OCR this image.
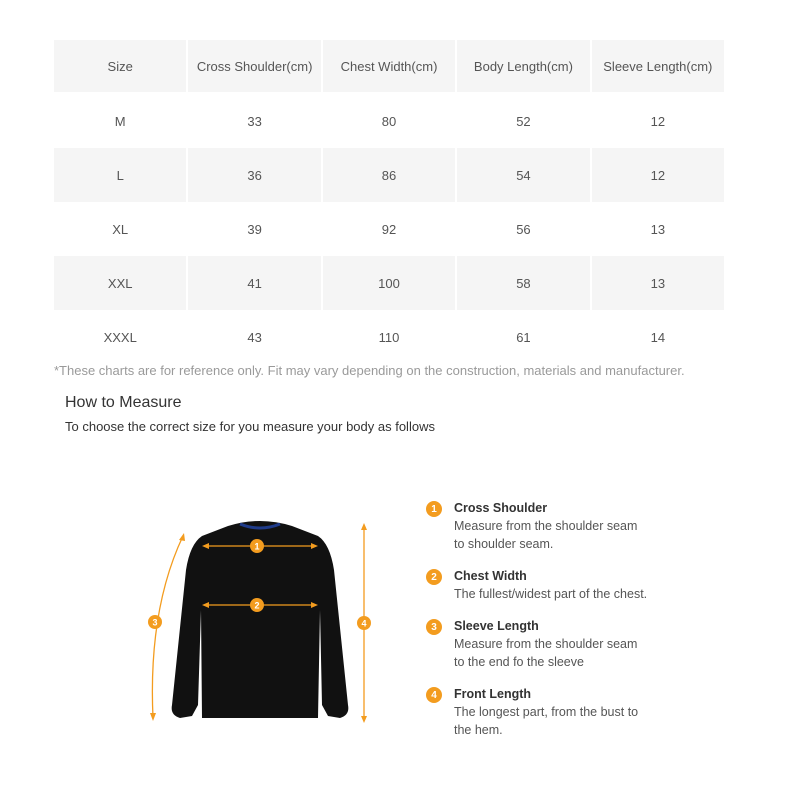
Size	Cross Shoulder(cm)	Chest Width(cm)	Body Length(cm)	Sleeve Length(cm)
M	33	80	52	12
L	36	86	54	12
XL	39	92	56	13
XXL	41	100	58	13
XXXL	43	110	61	14
*These charts are for reference only. Fit may vary depending on the construction, materials and manufacturer.
How to Measure
To choose the correct size for you measure your body as follows
1
2
3	4
1	Cross Shoulder
Measure from the shoulder seam
to shoulder seam.
2	Chest Width
The fullest/widest part of the chest.
3	Sleeve Length
Measure from the shoulder seam
to the end fo the sleeve
4	Front Length
The longest part, from the bust to
the hem.
